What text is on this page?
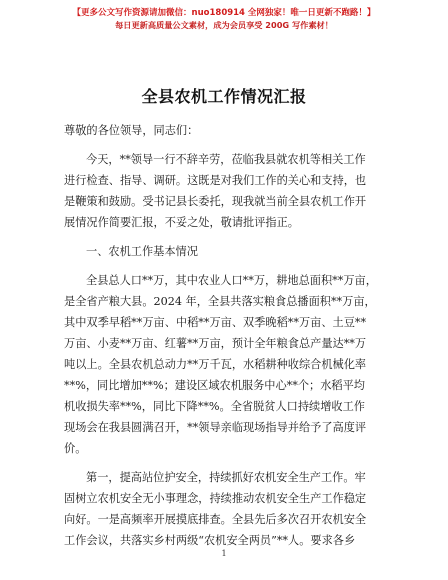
【更多公文写作资源请加微信：nuo180914 全网独家！唯一日更新不跑路！】
每日更新高质量公文素材，成为会员享受 200G 写作素材！
全县农机工作情况汇报
尊敬的各位领导，同志们：
今天，**领导一行不辞辛劳，莅临我县就农机等相关工作
进行检查、指导、调研。这既是对我们工作的关心和支持，也
是鞭策和鼓励。受书记县长委托，现我就当前全县农机工作开
展情况作简要汇报，不妥之处，敬请批评指正。
一、农机工作基本情况
全县总人口**万，其中农业人口**万，耕地总面积**万亩，
是全省产粮大县。2024 年，全县共落实粮食总播面积**万亩，
其中双季早稻**万亩、中稻**万亩、双季晚稻**万亩、土豆**
万亩、小麦**万亩、红薯**万亩，预计全年粮食总产量达**万
吨以上。全县农机总动力**万千瓦，水稻耕种收综合机械化率
**%，同比增加**%；建设区域农机服务中心**个；水稻平均
机收损失率**%，同比下降**%。全省脱贫人口持续增收工作
现场会在我县圆满召开，**领导亲临现场指导并给予了高度评
价。
第一，提高站位护安全，持续抓好农机安全生产工作。牢
固树立农机安全无小事理念，持续推动农机安全生产工作稳定
向好。一是高频率开展摸底排查。全县先后多次召开农机安全
工作会议，共落实乡村两级“农机安全两员”**人。要求各乡
1
